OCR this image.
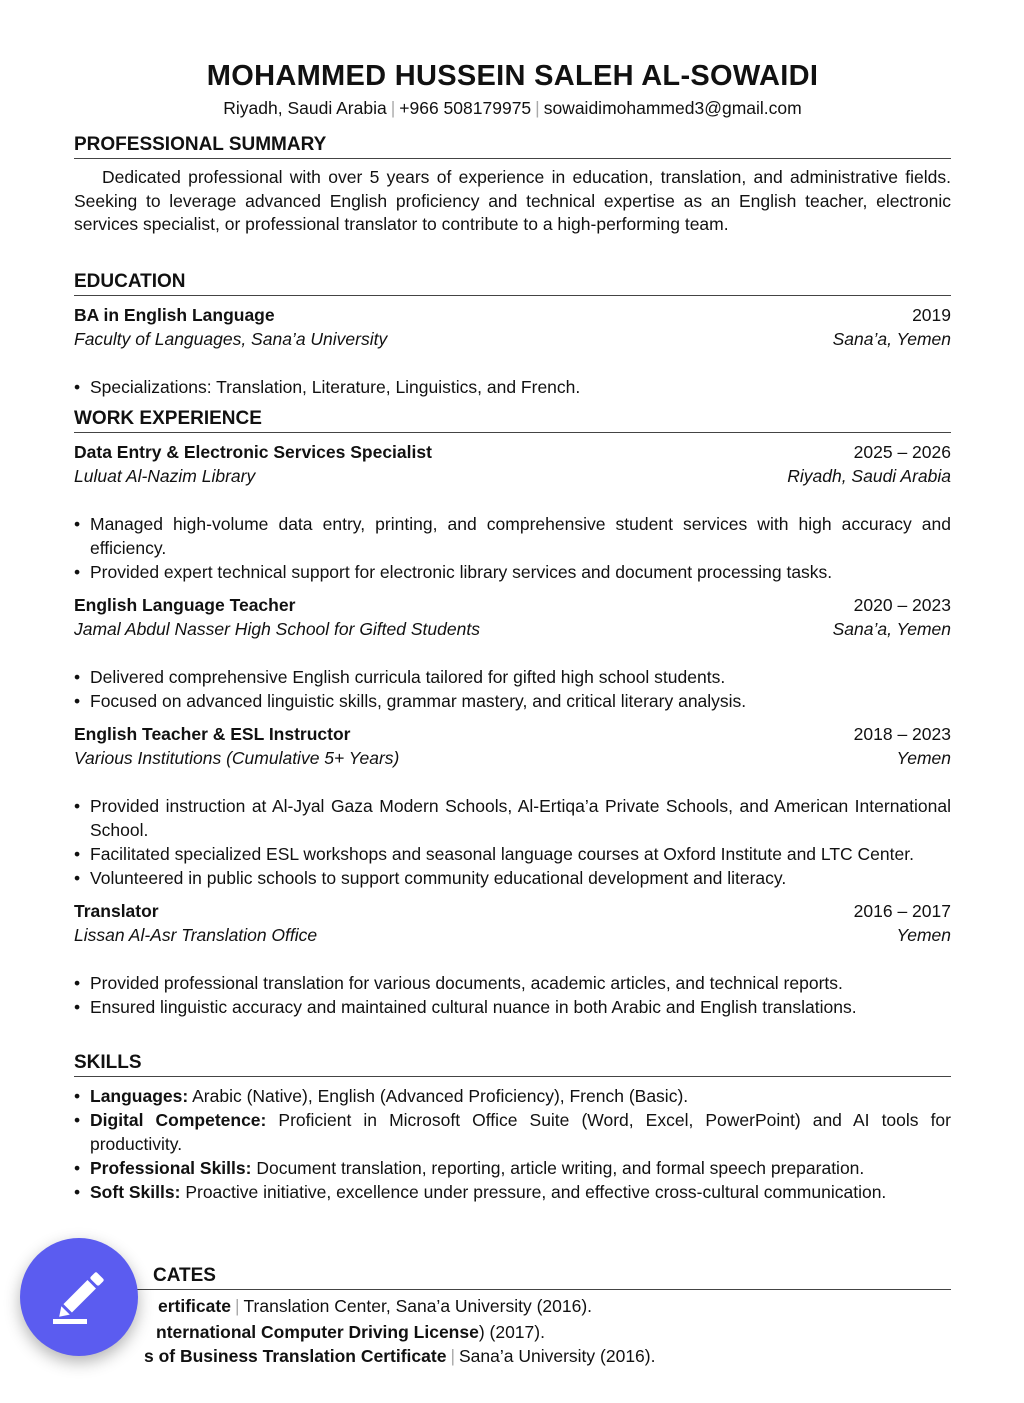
MOHAMMED HUSSEIN SALEH AL-SOWAIDI
Riyadh, Saudi Arabia | +966 508179975 | sowaidimohammed3@gmail.com
PROFESSIONAL SUMMARY
Dedicated professional with over 5 years of experience in education, translation, and administrative fields. Seeking to leverage advanced English proficiency and technical expertise as an English teacher, electronic services specialist, or professional translator to contribute to a high-performing team.
EDUCATION
BA in English Language	2019
Faculty of Languages, Sana’a University	Sana’a, Yemen
• Specializations: Translation, Literature, Linguistics, and French.
WORK EXPERIENCE
Data Entry & Electronic Services Specialist	2025 – 2026
Luluat Al-Nazim Library	Riyadh, Saudi Arabia
• Managed high-volume data entry, printing, and comprehensive student services with high accuracy and efficiency.
• Provided expert technical support for electronic library services and document processing tasks.
English Language Teacher	2020 – 2023
Jamal Abdul Nasser High School for Gifted Students	Sana’a, Yemen
• Delivered comprehensive English curricula tailored for gifted high school students.
• Focused on advanced linguistic skills, grammar mastery, and critical literary analysis.
English Teacher & ESL Instructor	2018 – 2023
Various Institutions (Cumulative 5+ Years)	Yemen
• Provided instruction at Al-Jyal Gaza Modern Schools, Al-Ertiqa’a Private Schools, and American International School.
• Facilitated specialized ESL workshops and seasonal language courses at Oxford Institute and LTC Center.
• Volunteered in public schools to support community educational development and literacy.
Translator	2016 – 2017
Lissan Al-Asr Translation Office	Yemen
• Provided professional translation for various documents, academic articles, and technical reports.
• Ensured linguistic accuracy and maintained cultural nuance in both Arabic and English translations.
SKILLS
• Languages: Arabic (Native), English (Advanced Proficiency), French (Basic).
• Digital Competence: Proficient in Microsoft Office Suite (Word, Excel, PowerPoint) and AI tools for productivity.
• Professional Skills: Document translation, reporting, article writing, and formal speech preparation.
• Soft Skills: Proactive initiative, excellence under pressure, and effective cross-cultural communication.
CATES
ertificate | Translation Center, Sana’a University (2016).
nternational Computer Driving License) (2017).
s of Business Translation Certificate | Sana’a University (2016).
